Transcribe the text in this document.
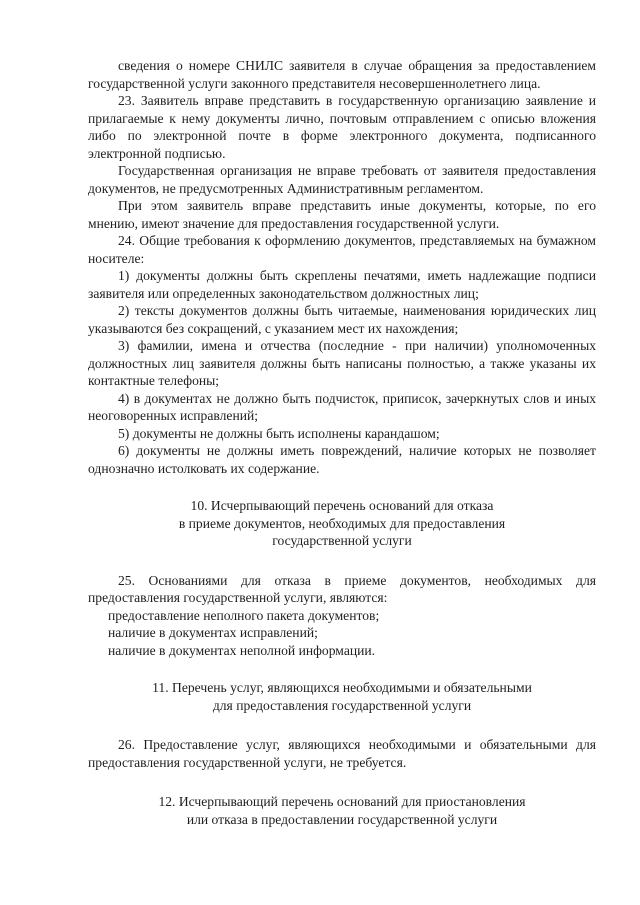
сведения о номере СНИЛС заявителя в случае обращения за предоставлением государственной услуги законного представителя несовершеннолетнего лица.

23. Заявитель вправе представить в государственную организацию заявление и прилагаемые к нему документы лично, почтовым отправлением с описью вложения либо по электронной почте в форме электронного документа, подписанного электронной подписью.

Государственная организация не вправе требовать от заявителя предоставления документов, не предусмотренных Административным регламентом.

При этом заявитель вправе представить иные документы, которые, по его мнению, имеют значение для предоставления государственной услуги.

24. Общие требования к оформлению документов, представляемых на бумажном носителе:

1) документы должны быть скреплены печатями, иметь надлежащие подписи заявителя или определенных законодательством должностных лиц;

2) тексты документов должны быть читаемые, наименования юридических лиц указываются без сокращений, с указанием мест их нахождения;

3) фамилии, имена и отчества (последние - при наличии) уполномоченных должностных лиц заявителя должны быть написаны полностью, а также указаны их контактные телефоны;

4) в документах не должно быть подчисток, приписок, зачеркнутых слов и иных неоговоренных исправлений;

5) документы не должны быть исполнены карандашом;

6) документы не должны иметь повреждений, наличие которых не позволяет однозначно истолковать их содержание.

10. Исчерпывающий перечень оснований для отказа

в приеме документов, необходимых для предоставления

государственной услуги

25. Основаниями для отказа в приеме документов, необходимых для предоставления государственной услуги, являются:

предоставление неполного пакета документов;

наличие в документах исправлений;

наличие в документах неполной информации.

11. Перечень услуг, являющихся необходимыми и обязательными

для предоставления государственной услуги

26. Предоставление услуг, являющихся необходимыми и обязательными для предоставления государственной услуги, не требуется.

12. Исчерпывающий перечень оснований для приостановления

или отказа в предоставлении государственной услуги
